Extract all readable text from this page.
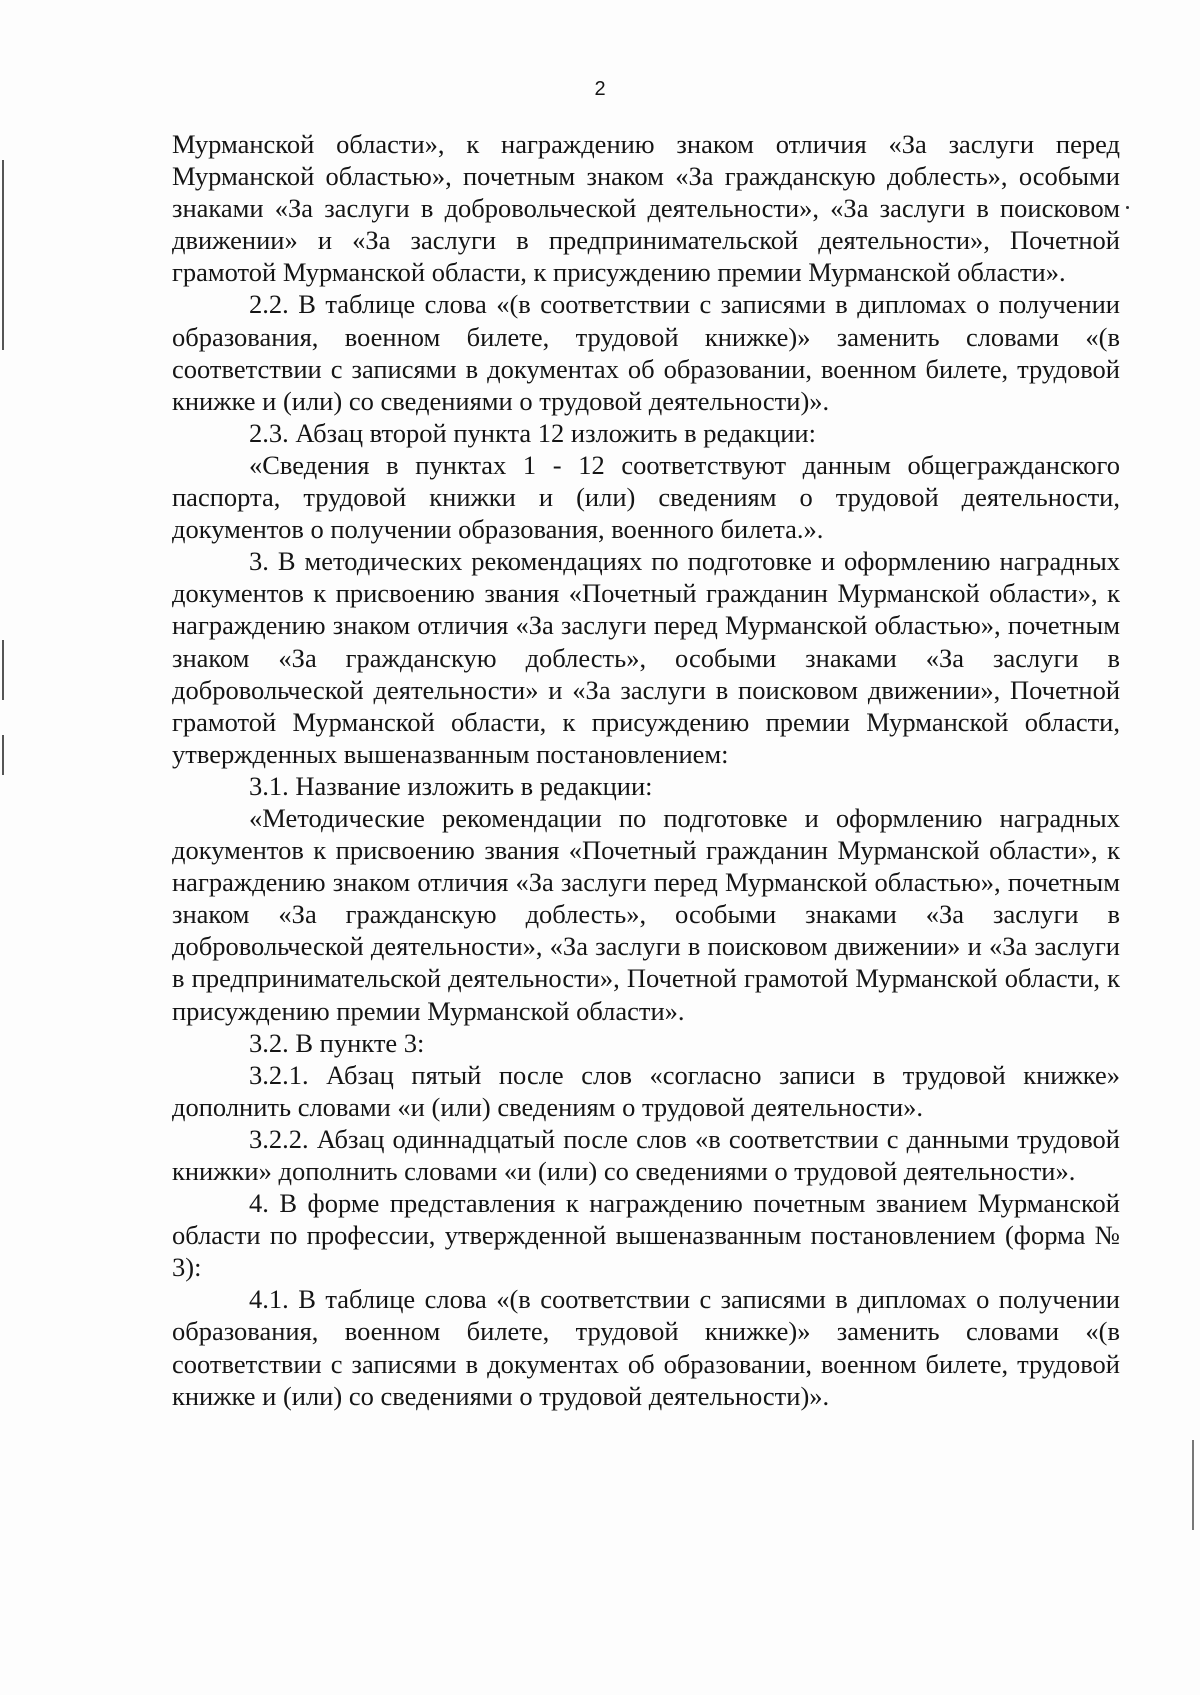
2

Мурманской области», к награждению знаком отличия «За заслуги перед Мурманской областью», почетным знаком «За гражданскую доблесть», особыми знаками «За заслуги в добровольческой деятельности», «За заслуги в поисковом движении» и «За заслуги в предпринимательской деятельности», Почетной грамотой Мурманской области, к присуждению премии Мурманской области».

2.2. В таблице слова «(в соответствии с записями в дипломах о получении образования, военном билете, трудовой книжке)» заменить словами «(в соответствии с записями в документах об образовании, военном билете, трудовой книжке и (или) со сведениями о трудовой деятельности)».

2.3. Абзац второй пункта 12 изложить в редакции:

«Сведения в пунктах 1 - 12 соответствуют данным общегражданского паспорта, трудовой книжки и (или) сведениям о трудовой деятельности, документов о получении образования, военного билета.».

3. В методических рекомендациях по подготовке и оформлению наградных документов к присвоению звания «Почетный гражданин Мурманской области», к награждению знаком отличия «За заслуги перед Мурманской областью», почетным знаком «За гражданскую доблесть», особыми знаками «За заслуги в добровольческой деятельности» и «За заслуги в поисковом движении», Почетной грамотой Мурманской области, к присуждению премии Мурманской области, утвержденных вышеназванным постановлением:

3.1. Название изложить в редакции:

«Методические рекомендации по подготовке и оформлению наградных документов к присвоению звания «Почетный гражданин Мурманской области», к награждению знаком отличия «За заслуги перед Мурманской областью», почетным знаком «За гражданскую доблесть», особыми знаками «За заслуги в добровольческой деятельности», «За заслуги в поисковом движении» и «За заслуги в предпринимательской деятельности», Почетной грамотой Мурманской области, к присуждению премии Мурманской области».

3.2. В пункте 3:

3.2.1. Абзац пятый после слов «согласно записи в трудовой книжке» дополнить словами «и (или) сведениям о трудовой деятельности».

3.2.2. Абзац одиннадцатый после слов «в соответствии с данными трудовой книжки» дополнить словами «и (или) со сведениями о трудовой деятельности».

4. В форме представления к награждению почетным званием Мурманской области по профессии, утвержденной вышеназванным постановлением (форма № 3):

4.1. В таблице слова «(в соответствии с записями в дипломах о получении образования, военном билете, трудовой книжке)» заменить словами «(в соответствии с записями в документах об образовании, военном билете, трудовой книжке и (или) со сведениями о трудовой деятельности)».
